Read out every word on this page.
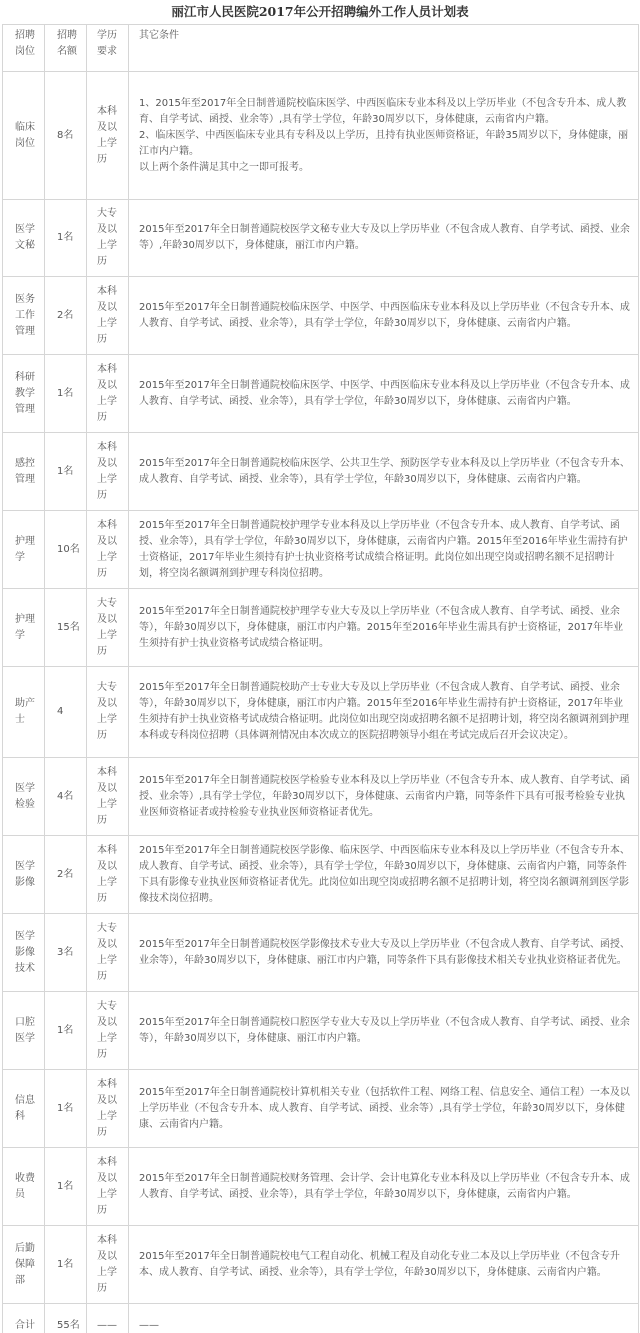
丽江市人民医院2017年公开招聘编外工作人员计划表
招聘岗位	招聘名额	学历要求	其它条件
临床岗位	8名	本科及以上学历	1、2015年至2017年全日制普通院校临床医学、中西医临床专业本科及以上学历毕业（不包含专升本、成人教育、自学考试、函授、业余等）,具有学士学位，年龄30周岁以下，身体健康，云南省内户籍。
2、临床医学、中西医临床专业具有专科及以上学历，且持有执业医师资格证，年龄35周岁以下，身体健康，丽江市内户籍。
以上两个条件满足其中之一即可报考。

医学文秘	1名	大专及以上学历	2015年至2017年全日制普通院校医学文秘专业大专及以上学历毕业（不包含成人教育、自学考试、函授、业余等）,年龄30周岁以下，身体健康，丽江市内户籍。

医务工作管理	2名	本科及以上学历	2015年至2017年全日制普通院校临床医学、中医学、中西医临床专业本科及以上学历毕业（不包含专升本、成人教育、自学考试、函授、业余等），具有学士学位，年龄30周岁以下，身体健康、云南省内户籍。

科研教学管理	1名	本科及以上学历	2015年至2017年全日制普通院校临床医学、中医学、中西医临床专业本科及以上学历毕业（不包含专升本、成人教育、自学考试、函授、业余等），具有学士学位，年龄30周岁以下，身体健康、云南省内户籍。

感控管理	1名	本科及以上学历	2015年至2017年全日制普通院校临床医学、公共卫生学、预防医学专业本科及以上学历毕业（不包含专升本、成人教育、自学考试、函授、业余等），具有学士学位，年龄30周岁以下，身体健康、云南省内户籍。

护理学	10名	本科及以上学历	2015年至2017年全日制普通院校护理学专业本科及以上学历毕业（不包含专升本、成人教育、自学考试、函授、业余等），具有学士学位，年龄30周岁以下，身体健康，云南省内户籍。2015年至2016年毕业生需持有护士资格证，2017年毕业生须持有护士执业资格考试成绩合格证明。此岗位如出现空岗或招聘名额不足招聘计划，将空岗名额调剂到护理专科岗位招聘。

护理学	15名	大专及以上学历	2015年至2017年全日制普通院校护理学专业大专及以上学历毕业（不包含成人教育、自学考试、函授、业余等），年龄30周岁以下，身体健康，丽江市内户籍。2015年至2016年毕业生需具有护士资格证，2017年毕业生须持有护士执业资格考试成绩合格证明。

助产士	4	大专及以上学历	2015年至2017年全日制普通院校助产士专业大专及以上学历毕业（不包含成人教育、自学考试、函授、业余等），年龄30周岁以下，身体健康，丽江市内户籍。2015年至2016年毕业生需持有护士资格证，2017年毕业生须持有护士执业资格考试成绩合格证明。此岗位如出现空岗或招聘名额不足招聘计划，将空岗名额调剂到护理本科或专科岗位招聘（具体调剂情况由本次成立的医院招聘领导小组在考试完成后召开会议决定）。

医学检验	4名	本科及以上学历	2015年至2017年全日制普通院校医学检验专业本科及以上学历毕业（不包含专升本、成人教育、自学考试、函授、业余等）,具有学士学位，年龄30周岁以下，身体健康、云南省内户籍，同等条件下具有可报考检验专业执业医师资格证者或持检验专业执业医师资格证者优先。

医学影像	2名	本科及以上学历	2015年至2017年全日制普通院校医学影像、临床医学、中西医临床专业本科及以上学历毕业（不包含专升本、成人教育、自学考试、函授、业余等），具有学士学位，年龄30周岁以下，身体健康、云南省内户籍，同等条件下具有影像专业执业医师资格证者优先。此岗位如出现空岗或招聘名额不足招聘计划，将空岗名额调剂到医学影像技术岗位招聘。

医学影像技术	3名	大专及以上学历	2015年至2017年全日制普通院校医学影像技术专业大专及以上学历毕业（不包含成人教育、自学考试、函授、业余等），年龄30周岁以下，身体健康、丽江市内户籍，同等条件下具有影像技术相关专业执业资格证者优先。

口腔医学	1名	大专及以上学历	2015年至2017年全日制普通院校口腔医学专业大专及以上学历毕业（不包含成人教育、自学考试、函授、业余等），年龄30周岁以下，身体健康、丽江市内户籍。

信息科	1名	本科及以上学历	2015年至2017年全日制普通院校计算机相关专业（包括软件工程、网络工程、信息安全、通信工程）一本及以上学历毕业（不包含专升本、成人教育、自学考试、函授、业余等）,具有学士学位，年龄30周岁以下，身体健康、云南省内户籍。

收费员	1名	本科及以上学历	2015年至2017年全日制普通院校财务管理、会计学、会计电算化专业本科及以上学历毕业（不包含专升本、成人教育、自学考试、函授、业余等），具有学士学位，年龄30周岁以下，身体健康，云南省内户籍。

后勤保障部	1名	本科及以上学历	2015年至2017年全日制普通院校电气工程自动化、机械工程及自动化专业二本及以上学历毕业（不包含专升本、成人教育、自学考试、函授、业余等），具有学士学位，年龄30周岁以下，身体健康、云南省内户籍。

合计	55名	——	——
